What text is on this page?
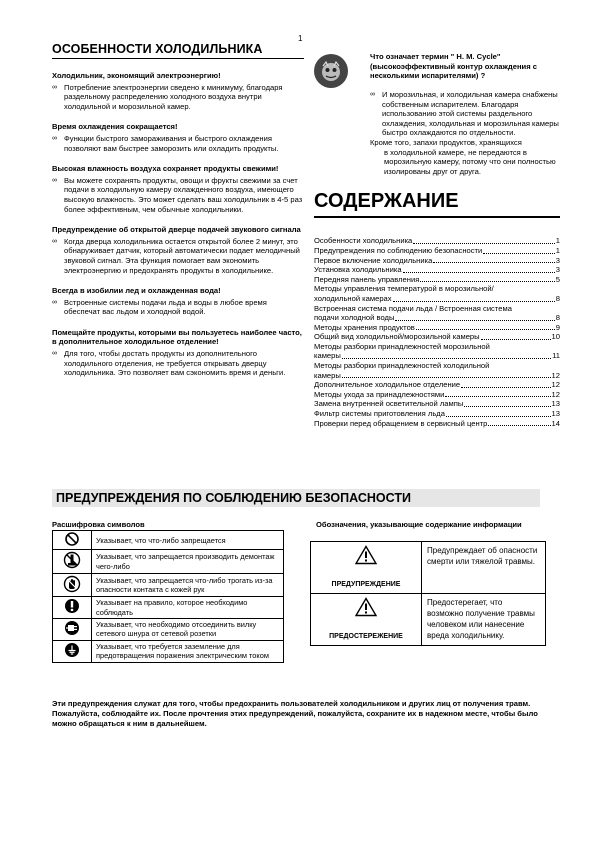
1
ОСОБЕННОСТИ ХОЛОДИЛЬНИКА
Холодильник, экономящий электроэнергию!
∞ Потребление электроэнергии сведено к минимуму, благодаря раздельному распределению холодного воздуха внутри холодильной и морозильной камер.
Время охлаждения сокращается!
∞ Функции быстрого замораживания и быстрого охлаждения позволяют вам быстрее заморозить или охладить продукты.
Высокая влажность воздуха сохраняет продукты свежими!
∞ Вы можете сохранять продукты, овощи и фрукты свежими за счет подачи в холодильную камеру охлажденного воздуха, имеющего высокую влажность. Это может сделать ваш холодильник в 4-5 раз более эффективным, чем обычные холодильники.
Предупреждение об открытой дверце подачей звукового сигнала
∞ Когда дверца холодильника остается открытой более 2 минут, это обнаруживает датчик, который автоматически подает мелодичный звуковой сигнал. Эта функция помогает вам экономить электроэнергию и предохранять продукты в холодильнике.
Всегда в изобилии лед и охлажденная вода!
∞ Встроенные системы подачи льда и воды в любое время обеспечат вас льдом и холодной водой.
Помещайте продукты, которыми вы пользуетесь наиболее часто, в дополнительное холодильное отделение!
∞ Для того, чтобы достать продукты из дополнительного холодильного отделения, не требуется открывать дверцу холодильника. Это позволяет вам сэкономить время и деньги.
Что означает термин " Н. М. Cycle" (высокоэффективный контур охлаждения с несколькими испарителями) ?
∞ И морозильная, и холодильная камера снабжены собственным испарителем. Благодаря использованию этой системы раздельного охлаждения, холодильная и морозильная камеры быстро охлаждаются по отдельности.
Кроме того, запахи продуктов, хранящихся
в холодильной камере, не передаются в морозильную камеру, потому что они полностью изолированы друг от друга.
СОДЕРЖАНИЕ
Особенности холодильника	1
Предупреждения по соблюдению безопасности	1
Первое включение холодильника	3
Установка холодильника	3
Передняя панель управления	5
Методы управления температурой в морозильной/
холодильной камерах	8
Встроенная система подачи льда / Встроенная система
подачи холодной воды	8
Методы хранения продуктов	9
Общий вид холодильной/морозильной камеры	10
Методы разборки принадлежностей морозильной
камеры	11
Методы разборки принадлежностей холодильной
камеры	12
Дополнительное холодильное отделение	12
Методы ухода за принадлежностями	12
Замена внутренней осветительной лампы	13
Фильтр системы приготовления льда	13
Проверки перед обращением в сервисный центр	14
ПРЕДУПРЕЖДЕНИЯ ПО СОБЛЮДЕНИЮ БЕЗОПАСНОСТИ
Расшифровка символов
	Указывает, что что-либо запрещается
	Указывает, что запрещается производить демонтаж чего-либо
	Указывает, что запрещается что-либо трогать из-за опасности контакта с кожей рук
	Указывает на правило, которое необходимо соблюдать
	Указывает, что необходимо отсоединить вилку сетевого шнура от сетевой розетки
	Указывает, что требуется заземление для предотвращения поражения электрическим током
Обозначения, указывающие содержание информации
ПРЕДУПРЕЖДЕНИЕ	Предупреждает об опасности смерти или тяжелой травмы.

ПРЕДОСТЕРЕЖЕНИЕ	Предостерегает, что возможно получение травмы человеком или нанесение вреда холодильнику.
Эти предупреждения служат для того, чтобы предохранить пользователей холодильником и других лиц от получения травм. Пожалуйста, соблюдайте их. После прочтения этих предупреждений, пожалуйста, сохраните их в надежном месте, чтобы было можно обращаться к ним в дальнейшем.
